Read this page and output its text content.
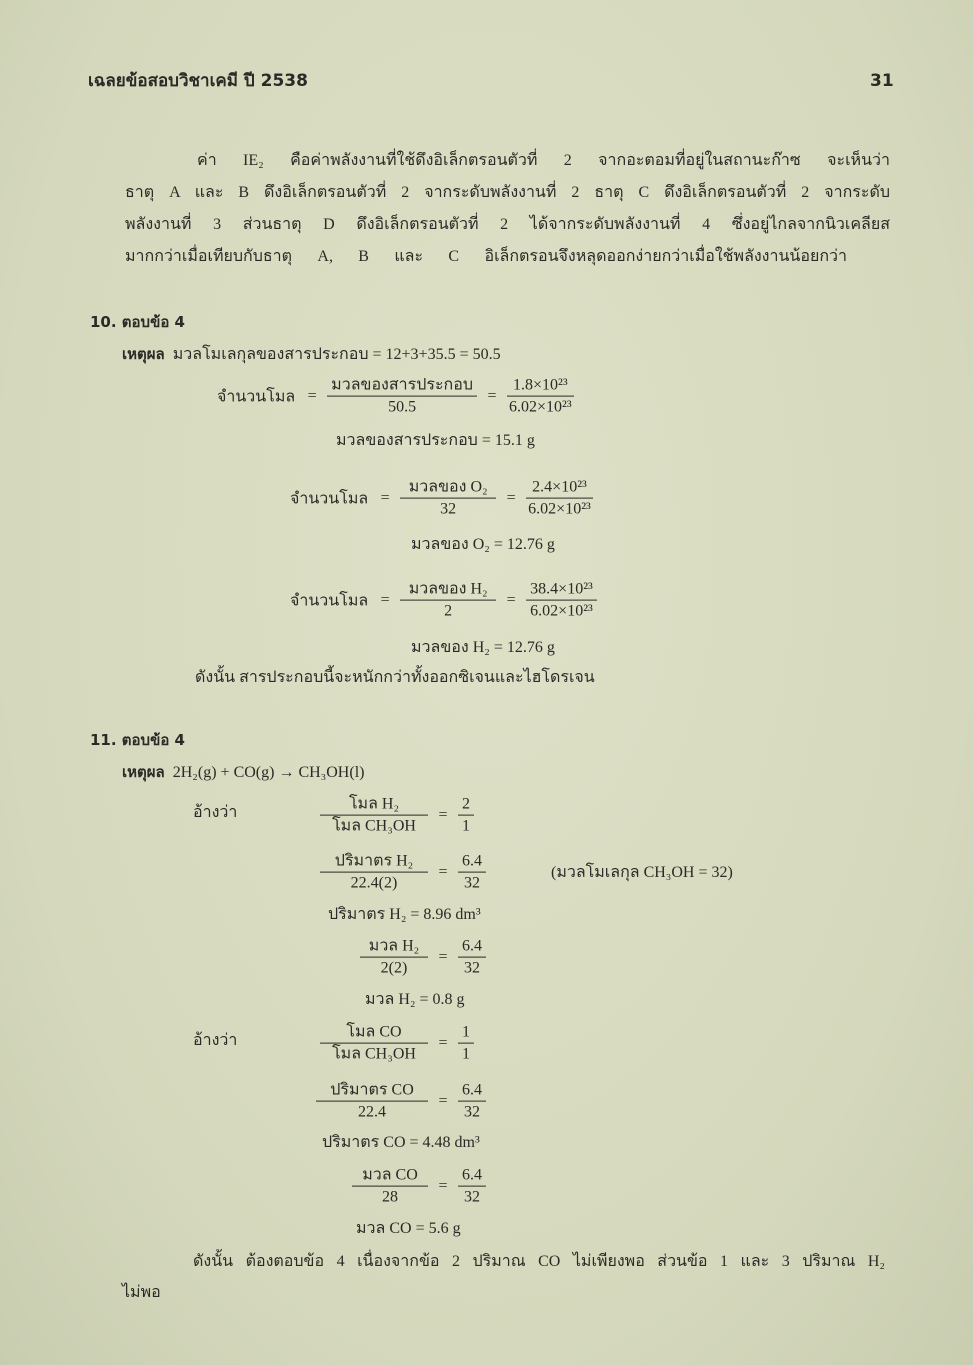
เฉลยข้อสอบวิชาเคมี ปี 2538	31
ค่า IE₂ คือค่าพลังงานที่ใช้ดึงอิเล็กตรอนตัวที่ 2 จากอะตอมที่อยู่ในสถานะก๊าซ จะเห็นว่า
ธาตุ A และ B ดึงอิเล็กตรอนตัวที่ 2 จากระดับพลังงานที่ 2 ธาตุ C ดึงอิเล็กตรอนตัวที่ 2 จากระดับ
พลังงานที่ 3 ส่วนธาตุ D ดึงอิเล็กตรอนตัวที่ 2 ได้จากระดับพลังงานที่ 4 ซึ่งอยู่ไกลจากนิวเคลียส
มากกว่าเมื่อเทียบกับธาตุ A, B และ C อิเล็กตรอนจึงหลุดออกง่ายกว่าเมื่อใช้พลังงานน้อยกว่า
10. ตอบข้อ 4
เหตุผล มวลโมเลกุลของสารประกอบ = 12+3+35.5 = 50.5
จำนวนโมล = $\frac{\text{มวลของสารประกอบ}}{50.5} = \frac{\text{1.8×10²³}}{\text{6.02×10²³}}$
มวลของสารประกอบ = 15.1 g
จำนวนโมล = $\frac{\text{มวลของ O₂}}{32} = \frac{\text{2.4×10²³}}{\text{6.02×10²³}}$
มวลของ O₂ = 12.76 g
จำนวนโมล = $\frac{\text{มวลของ H₂}}{2} = \frac{\text{38.4×10²³}}{\text{6.02×10²³}}$
มวลของ H₂ = 12.76 g
ดังนั้น สารประกอบนี้จะหนักกว่าทั้งออกซิเจนและไฮโดรเจน
11. ตอบข้อ 4
เหตุผล 2H₂(g) + CO(g) → CH₃OH(l)
อ้างว่า	$\frac{\text{โมล H₂}}{\text{โมล CH₃OH}} = \frac{2}{1}$
$\frac{\text{ปริมาตร H₂}}{22.4(2)} = \frac{6.4}{32}$	(มวลโมเลกุล CH₃OH = 32)
ปริมาตร H₂ = 8.96 dm³
$\frac{\text{มวล H₂}}{2(2)} = \frac{6.4}{32}$
มวล H₂ = 0.8 g
อ้างว่า	$\frac{\text{โมล CO}}{\text{โมล CH₃OH}} = \frac{1}{1}$
$\frac{\text{ปริมาตร CO}}{22.4} = \frac{6.4}{32}$
ปริมาตร CO = 4.48 dm³
$\frac{\text{มวล CO}}{28} = \frac{6.4}{32}$
มวล CO = 5.6 g
ดังนั้น ต้องตอบข้อ 4 เนื่องจากข้อ 2 ปริมาณ CO ไม่เพียงพอ ส่วนข้อ 1 และ 3 ปริมาณ H₂
ไม่พอ
